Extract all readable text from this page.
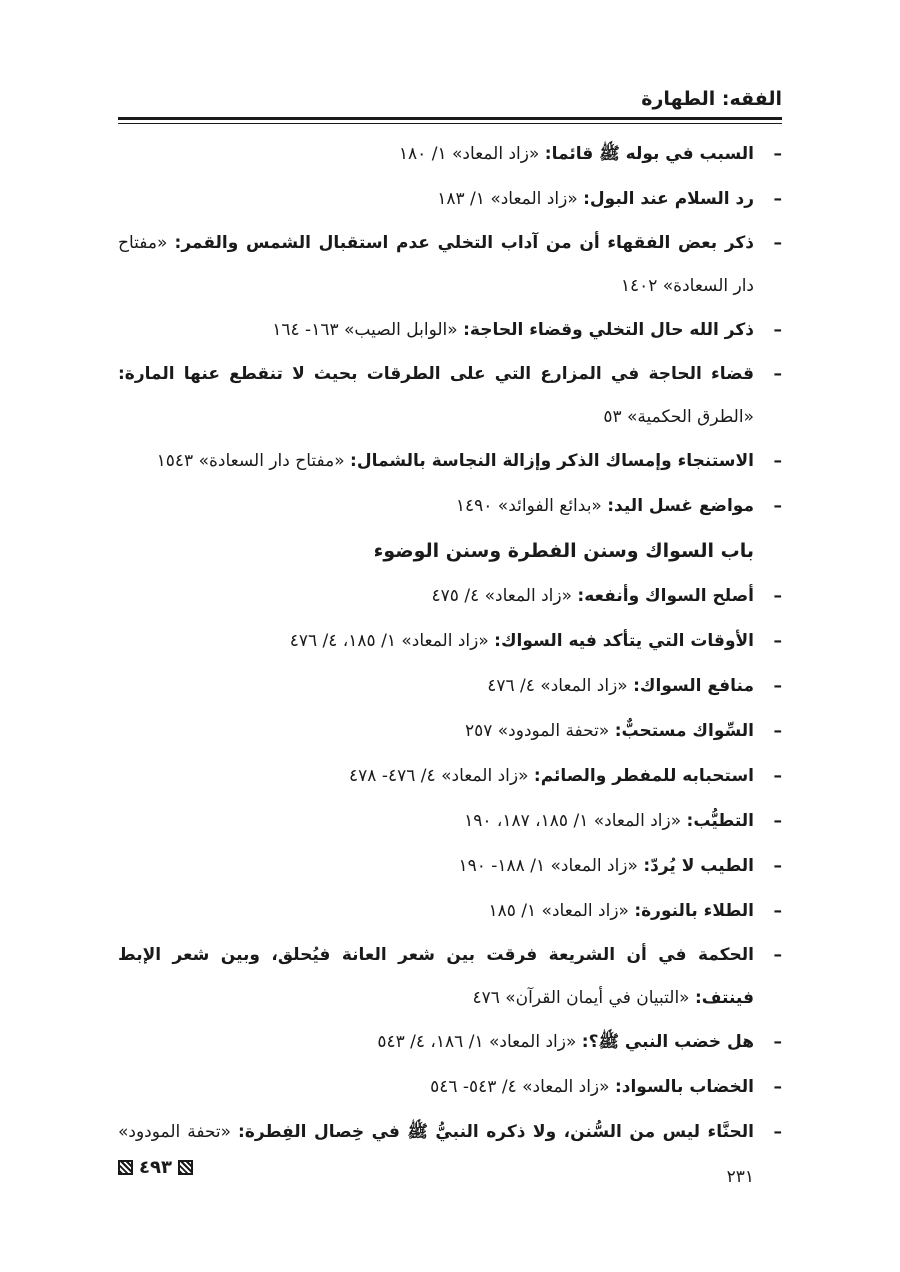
الفقه: الطهارة
–
السبب في بوله ﷺ قائما: «زاد المعاد» ١/ ١٨٠
–
رد السلام عند البول: «زاد المعاد» ١/ ١٨٣
–
ذكر بعض الفقهاء أن من آداب التخلي عدم استقبال الشمس والقمر: «مفتاح دار السعادة» ١٤٠٢
–
ذكر الله حال التخلي وقضاء الحاجة: «الوابل الصيب» ١٦٣- ١٦٤
–
قضاء الحاجة في المزارع التي على الطرقات بحيث لا تنقطع عنها المارة: «الطرق الحكمية» ٥٣
–
الاستنجاء وإمساك الذكر وإزالة النجاسة بالشمال: «مفتاح دار السعادة» ١٥٤٣
–
مواضع غسل اليد: «بدائع الفوائد» ١٤٩٠
باب السواك وسنن الفطرة وسنن الوضوء
–
أصلح السواك وأنفعه: «زاد المعاد» ٤/ ٤٧٥
–
الأوقات التي يتأكد فيه السواك: «زاد المعاد» ١/ ١٨٥، ٤/ ٤٧٦
–
منافع السواك: «زاد المعاد» ٤/ ٤٧٦
–
السِّواك مستحبٌّ: «تحفة المودود» ٢٥٧
–
استحبابه للمفطر والصائم: «زاد المعاد» ٤/ ٤٧٦- ٤٧٨
–
التطيُّب: «زاد المعاد» ١/ ١٨٥، ١٨٧، ١٩٠
–
الطيب لا يُردّ: «زاد المعاد» ١/ ١٨٨- ١٩٠
–
الطلاء بالنورة: «زاد المعاد» ١/ ١٨٥
–
الحكمة في أن الشريعة فرقت بين شعر العانة فيُحلق، وبين شعر الإبط فينتف: «التبيان في أيمان القرآن» ٤٧٦
–
هل خضب النبي ﷺ؟: «زاد المعاد» ١/ ١٨٦، ٤/ ٥٤٣
–
الخضاب بالسواد: «زاد المعاد» ٤/ ٥٤٣- ٥٤٦
–
الحنَّاء ليس من السُّنن، ولا ذكره النبيُّ ﷺ في خِصال الفِطرة: «تحفة المودود» ٢٣١
٤٩٣
